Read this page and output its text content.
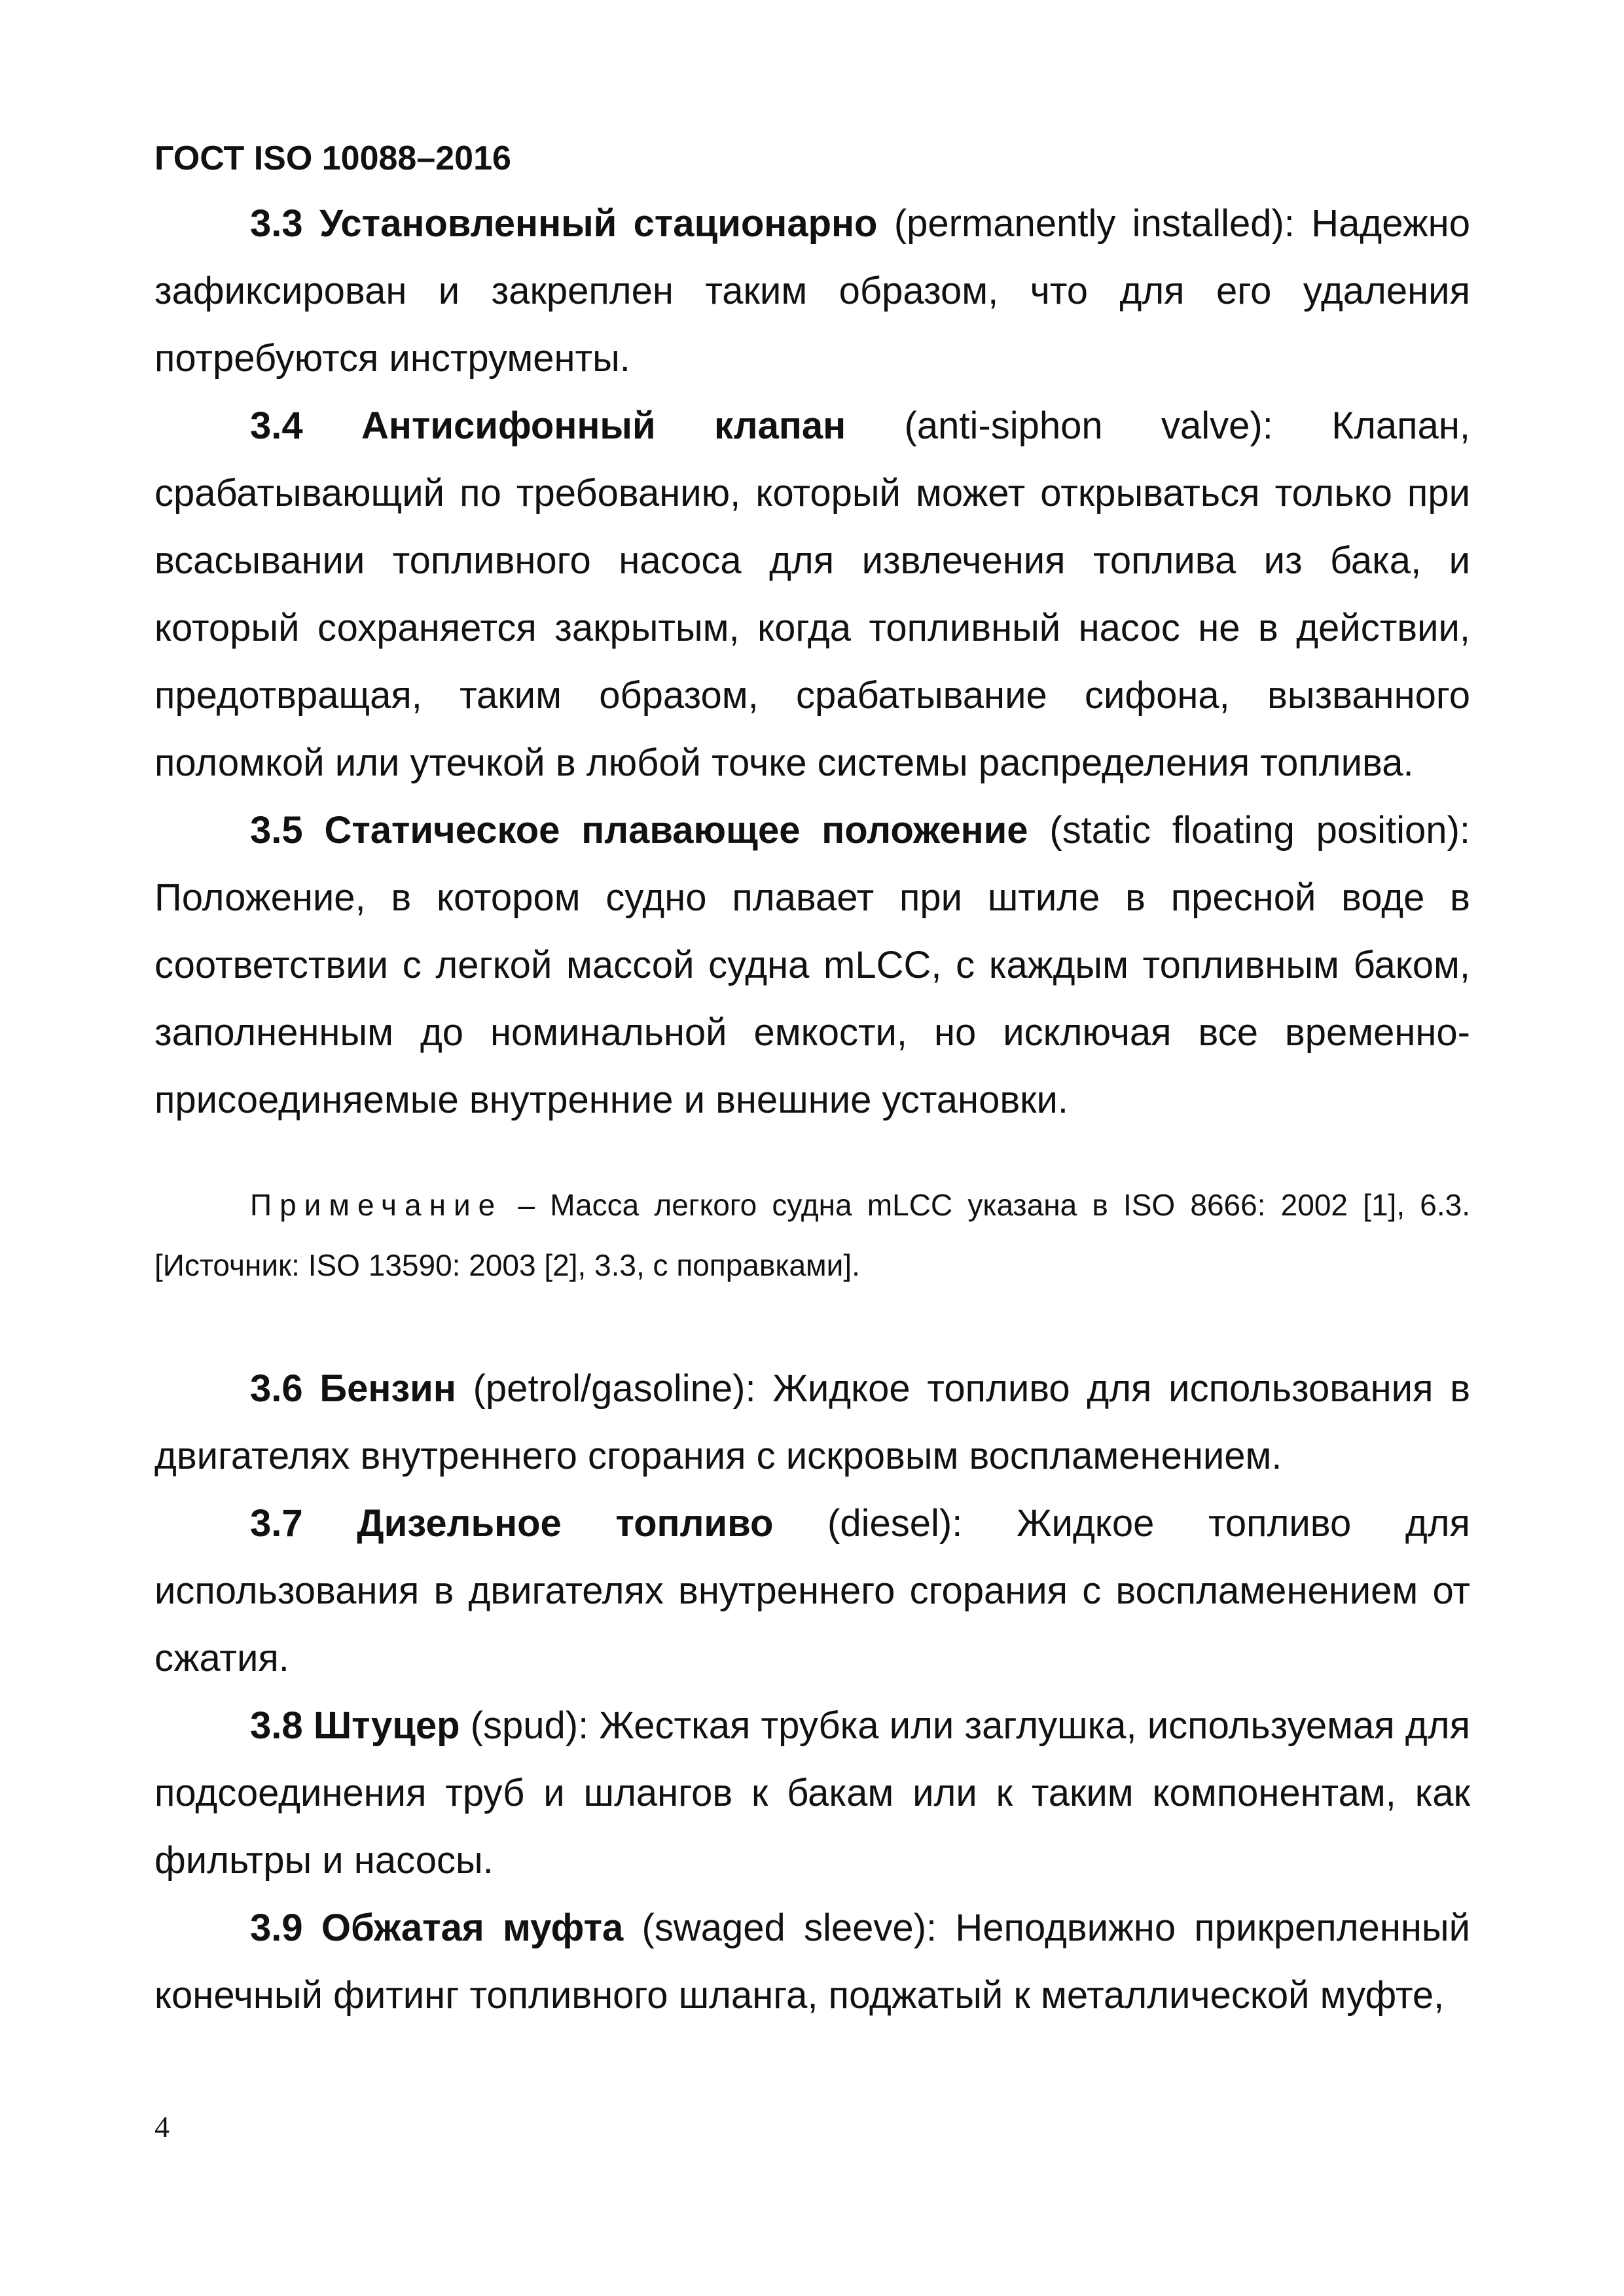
ГОСТ ISO 10088–2016

3.3 Установленный стационарно (permanently installed): Надежно зафиксирован и закреплен таким образом, что для его удаления потребуются инструменты.

3.4 Антисифонный клапан (anti-siphon valve): Клапан, срабатывающий по требованию, который может открываться только при всасывании топливного насоса для извлечения топлива из бака, и который сохраняется закрытым, когда топливный насос не в действии, предотвращая, таким образом, срабатывание сифона, вызванного поломкой или утечкой в любой точке системы распределения топлива.

3.5 Статическое плавающее положение (static floating position): Положение, в котором судно плавает при штиле в пресной воде в соответствии с легкой массой судна mLCC, с каждым топливным баком, заполненным до номинальной емкости, но исключая все временно-присоединяемые внутренние и внешние установки.

Примечание – Масса легкого судна mLCC указана в ISO 8666: 2002 [1], 6.3. [Источник: ISO 13590: 2003 [2], 3.3, с поправками].

3.6 Бензин (petrol/gasoline): Жидкое топливо для использования в двигателях внутреннего сгорания с искровым воспламенением.

3.7 Дизельное топливо (diesel): Жидкое топливо для использования в двигателях внутреннего сгорания с воспламенением от сжатия.

3.8 Штуцер (spud): Жесткая трубка или заглушка, используемая для подсоединения труб и шлангов к бакам или к таким компонентам, как фильтры и насосы.

3.9 Обжатая муфта (swaged sleeve): Неподвижно прикрепленный конечный фитинг топливного шланга, поджатый к металлической муфте,

4
